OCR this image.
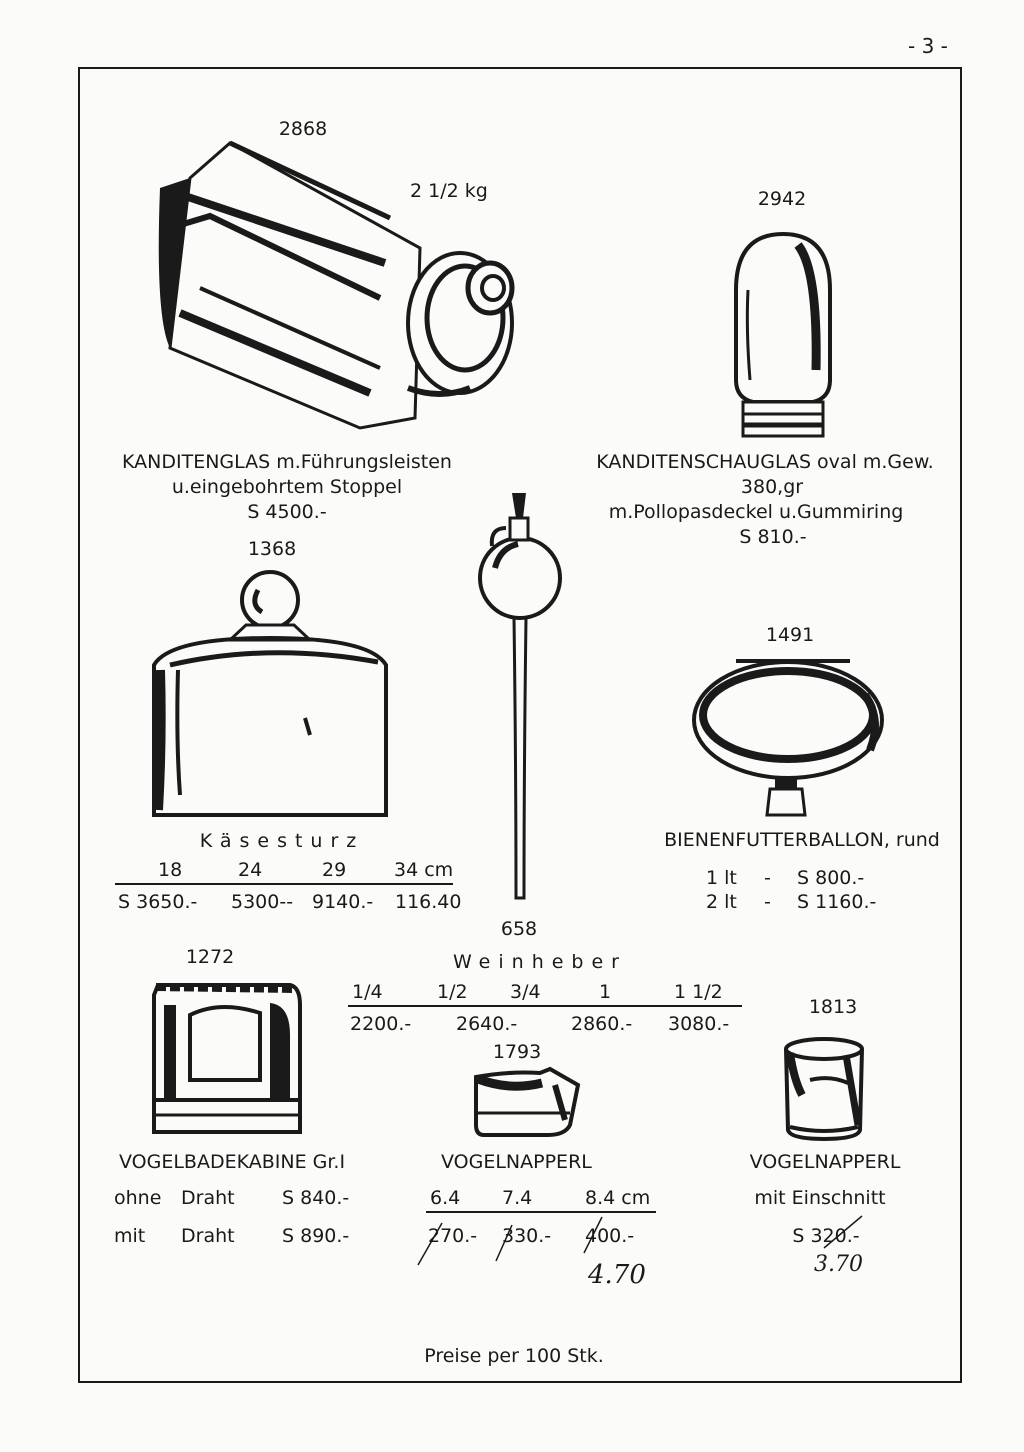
- 3 -
2868
2 1/2 kg
KANDITENGLAS m.Führungsleisten
u.eingebohrtem Stoppel
S 4500.-
2942
KANDITENSCHAUGLAS oval m.Gew.
380,gr
m.Pollopasdeckel u.Gummiring
S 810.-
1368
Käsesturz
18	24	29	34 cm
S 3650.- 5300-- 9140.- 116.40
658
Weinheber
1/4	1/2 3/4	1	1 1/2
2200.- 2640.-	2860.- 3080.-
1491
BIENENFUTTERBALLON, rund
1 lt - S 800.-
2 lt - S 1160.-
1272
VOGELBADEKABINE Gr.I
ohne Draht S 840.-
mit Draht S 890.-
1793
VOGELNAPPERL
6.4 7.4	8.4 cm
270.- 330.- 400.-
4.70
1813
VOGELNAPPERL
mit Einschnitt
S 320.-
3.70
Preise per 100 Stk.
